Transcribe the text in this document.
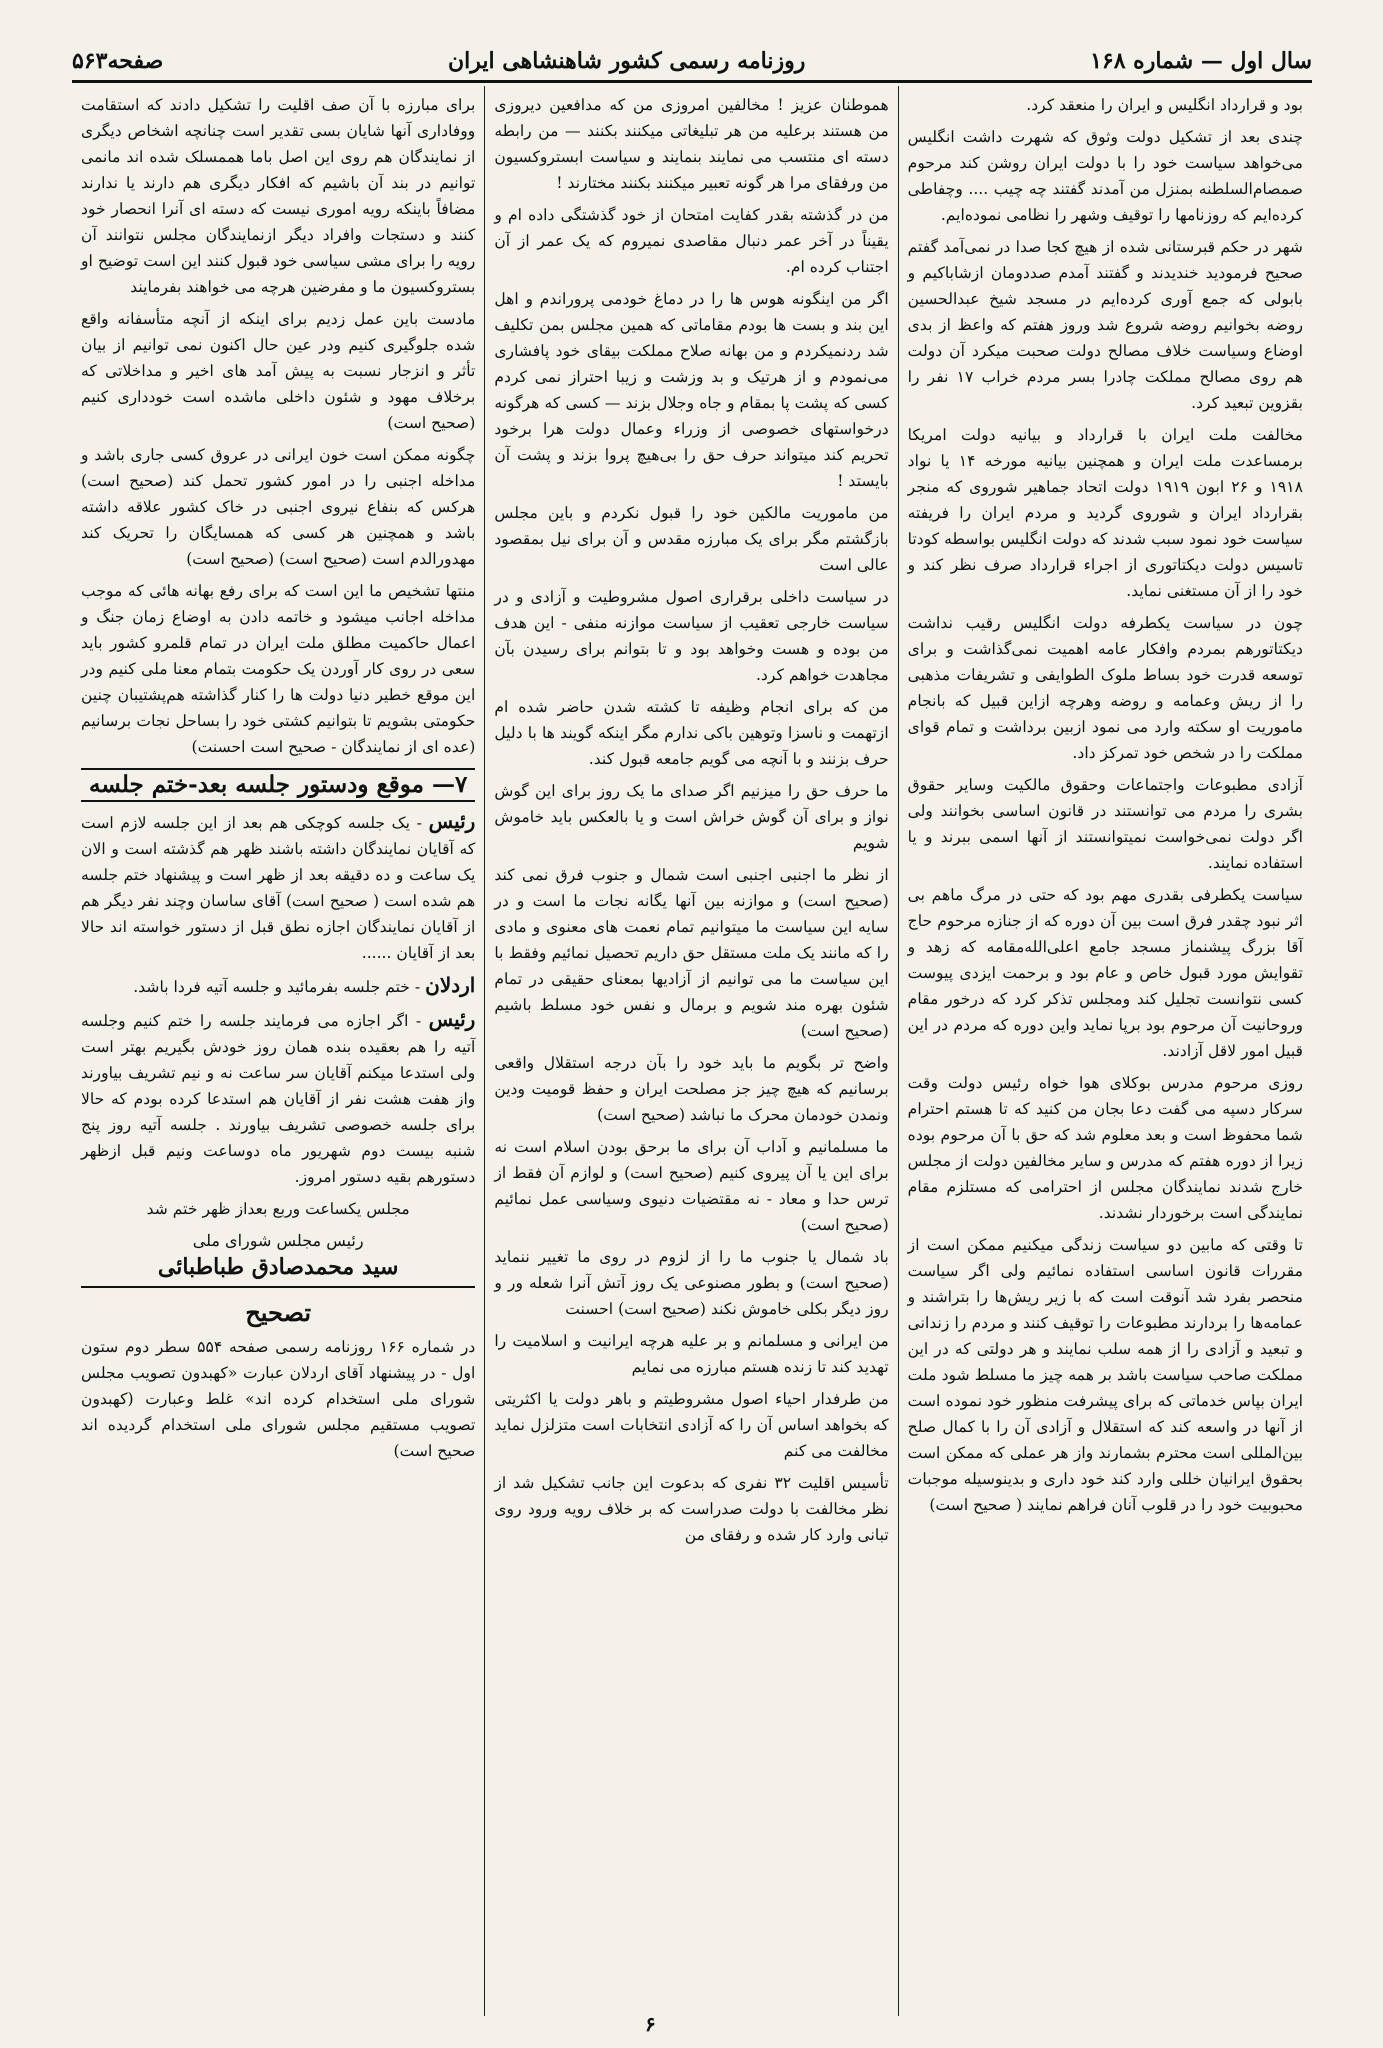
سال اول — شماره ۱۶۸
روزنامه رسمی کشور شاهنشاهی ایران
صفحه۵۶۳

بود و قرارداد انگلیس و ایران را منعقد کرد.

چندی بعد از تشکیل دولت وثوق که شهرت داشت انگلیس می‌خواهد سیاست خود را با دولت ایران روشن کند مرحوم صمصام‌السلطنه بمنزل من آمدند گفتند چه چیب .... وچفاطی کرده‌ایم که روزنامها را توقیف وشهر را نظامی نموده‌ایم.

شهر در حکم قبرستانی شده از هیچ کجا صدا در نمی‌آمد گفتم صحیح فرمودید خندیدند و گفتند آمدم صددومان ازشاباکیم و بابولی که جمع آوری کرده‌ایم در مسجد شیخ عبدالحسین روضه بخوانیم روضه شروع شد وروز هفتم که واعظ از بدی اوضاع وسیاست خلاف مصالح دولت صحبت میکرد آن دولت هم روی مصالح مملکت چادرا بسر مردم خراب ۱۷ نفر را بقزوین تبعید کرد.

مخالفت ملت ایران با قرارداد و بیانیه دولت امریکا برمساعدت ملت ایران و همچنین بیانیه مورخه ۱۴ یا نواد ۱۹۱۸ و ۲۶ ابون ۱۹۱۹ دولت اتحاد جماهیر شوروی که منجر بقرارداد ایران و شوروی گردید و مردم ایران را فریفته سیاست خود نمود سبب شدند که دولت انگلیس بواسطه کودتا تاسیس دولت دیکتاتوری از اجراء قرارداد صرف نظر کند و خود را از آن مستغنی نماید.

چون در سیاست یکطرفه دولت انگلیس رقیب نداشت دیکتاتورهم بمردم وافکار عامه اهمیت نمی‌گذاشت و برای توسعه قدرت خود بساط ملوک الطوایفی و تشریفات مذهبی را از ریش وعمامه و روضه وهرچه ازاین قبیل که بانجام ماموریت او سکته وارد می نمود ازبین برداشت و تمام قوای مملکت را در شخص خود تمرکز داد.

آزادی مطبوعات واجتماعات وحقوق مالکیت وسایر حقوق بشری را مردم می توانستند در قانون اساسی بخوانند ولی اگر دولت نمی‌خواست نمیتوانستند از آنها اسمی ببرند و یا استفاده نمایند.

سیاست یکطرفی بقدری مهم بود که حتی در مرگ ماهم بی اثر نبود چقدر فرق است بین آن دوره که از جنازه مرحوم حاج آقا بزرگ پیشنماز مسجد جامع اعلی‌الله‌مقامه که زهد و تقوایش مورد قبول خاص و عام بود و برحمت ایزدی پیوست کسی نتوانست تجلیل کند ومجلس تذکر کرد که درخور مقام وروحانیت آن مرحوم بود برپا نماید واین دوره که مردم در این قبیل امور لاقل آزادند.

روزی مرحوم مدرس بوکلای هوا خواه رئیس دولت وقت سرکار دسپه می گفت دعا بجان من کنید که تا هستم احترام شما محفوظ است و بعد معلوم شد که حق با آن مرحوم بوده زیرا از دوره هفتم که مدرس و سایر مخالفین دولت از مجلس خارج شدند نمایندگان مجلس از احترامی که مستلزم مقام نمایندگی است برخوردار نشدند.

تا وقتی که مابین دو سیاست زندگی میکنیم ممکن است از مقررات قانون اساسی استفاده نمائیم ولی اگر سیاست منحصر بفرد شد آنوقت است که با زیر ریش‌ها را بتراشند و عمامه‌ها را بردارند مطبوعات را توقیف کنند و مردم را زندانی و تبعید و آزادی را از همه سلب نمایند و هر دولتی که در این مملکت صاحب سیاست باشد بر همه چیز ما مسلط شود ملت ایران بپاس خدماتی که برای پیشرفت منظور خود نموده است از آنها در واسعه کند که استقلال و آزادی آن را با کمال صلح بین‌المللی است محترم بشمارند واز هر عملی که ممکن است بحقوق ایرانیان خللی وارد کند خود داری و بدینوسیله موجبات محبوبیت خود را در قلوب آنان فراهم نمایند ( صحیح است)

هموطنان عزیز ! مخالفین امروزی من که مدافعین دیروزی من هستند برعلیه من هر تبلیغاتی میکنند بکنند — من رابطه دسته ای منتسب می نمایند بنمایند و سیاست ابستروکسیون من ورفقای مرا هر گونه تعبیر میکنند بکنند مختارند !

من در گذشته بقدر کفایت امتحان از خود گذشتگی داده ام و یقیناً در آخر عمر دنبال مقاصدی نمیروم که یک عمر از آن اجتناب کرده ام.

اگر من اینگونه هوس ها را در دماغ خودمی پروراندم و اهل این بند و بست ها بودم مقاماتی که همین مجلس بمن تکلیف شد ردنمیکردم و من بهانه صلاح مملکت بیقای خود پافشاری می‌نمودم و از هرتیک و بد وزشت و زیبا احتراز نمی کردم کسی که پشت پا بمقام و جاه وجلال بزند — کسی که هرگونه درخواستهای خصوصی از وزراء وعمال دولت هرا برخود تحریم کند میتواند حرف حق را بی‌هیچ پروا بزند و پشت آن بایستد !

من ماموریت مالکین خود را قبول نکردم و باین مجلس بازگشتم مگر برای یک مبارزه مقدس و آن برای نیل بمقصود عالی است

در سیاست داخلی برقراری اصول مشروطیت و آزادی و در سیاست خارجی تعقیب از سیاست موازنه منفی - این هدف من بوده و هست وخواهد بود و تا بتوانم برای رسیدن بآن مجاهدت خواهم کرد.

من که برای انجام وظیفه تا کشته شدن حاضر شده ام ازتهمت و ناسزا وتوهین باکی ندارم مگر اینکه گویند ها با دلیل حرف بزنند و با آنچه می گویم جامعه قبول کند.

ما حرف حق را میزنیم اگر صدای ما یک روز برای این گوش نواز و برای آن گوش خراش است و یا بالعکس باید خاموش شویم

از نظر ما اجنبی اجنبی است شمال و جنوب فرق نمی کند (صحیح است) و موازنه بین آنها یگانه نجات ما است و در سایه این سیاست ما میتوانیم تمام نعمت های معنوی و مادی را که مانند یک ملت مستقل حق داریم تحصیل نمائیم وفقط با این سیاست ما می توانیم از آزادیها بمعنای حقیقی در تمام شئون بهره مند شویم و برمال و نفس خود مسلط باشیم (صحیح است)

واضح تر بگویم ما باید خود را بآن درجه استقلال واقعی برسانیم که هیچ چیز جز مصلحت ایران و حفظ قومیت ودین ونمدن خودمان محرک ما نباشد (صحیح است)

ما مسلمانیم و آداب آن برای ما برحق بودن اسلام است نه برای این یا آن پیروی کنیم (صحیح است) و لوازم آن فقط از ترس حدا و معاد - نه مقتضیات دنیوی وسیاسی عمل نمائیم (صحیح است)

باد شمال یا جنوب ما را از لزوم در روی ما تغییر ننماید (صحیح است) و بطور مصنوعی یک روز آتش آنرا شعله ور و روز دیگر بکلی خاموش نکند (صحیح است) احسنت

من ایرانی و مسلمانم و بر علیه هرچه ایرانیت و اسلامیت را تهدید کند تا زنده هستم مبارزه می نمایم

من طرفدار احیاء اصول مشروطیتم و باهر دولت یا اکثریتی که بخواهد اساس آن را که آزادی انتخابات است متزلزل نماید مخالفت می کنم

تأسیس اقلیت ۳۲ نفری که بدعوت این جانب تشکیل شد از نظر مخالفت با دولت صدراست که بر خلاف رویه ورود روی تبانی وارد کار شده و رفقای من

برای مبارزه با آن صف اقلیت را تشکیل دادند که استقامت ووفاداری آنها شایان بسی تقدیر است چنانچه اشخاص دیگری از نمایندگان هم روی این اصل باما هممسلک شده اند مانمی توانیم در بند آن باشیم که افکار دیگری هم دارند یا ندارند مضافاً باینکه رویه اموری نیست که دسته ای آنرا انحصار خود کنند و دستجات وافراد دیگر ازنمایندگان مجلس نتوانند آن رویه را برای مشی سیاسی خود قبول کنند این است توضیح او بستروکسیون ما و مفرضین هرچه می خواهند بفرمایند

مادست باین عمل زدیم برای اینکه از آنچه متأسفانه واقع شده جلوگیری کنیم ودر عین حال اکنون نمی توانیم از بیان تأثر و انزجار نسبت به پیش آمد های اخیر و مداخلاتی که برخلاف مهود و شئون داخلی ماشده است خودداری کنیم (صحیح است)

چگونه ممکن است خون ایرانی در عروق کسی جاری باشد و مداخله اجنبی را در امور کشور تحمل کند (صحیح است) هرکس که بنفاع نیروی اجنبی در خاک کشور علاقه داشته باشد و همچنین هر کسی که همسایگان را تحریک کند مهدورالدم است (صحیح است) (صحیح است)

منتها تشخیص ما این است که برای رفع بهانه هائی که موجب مداخله اجانب میشود و خاتمه دادن به اوضاع زمان جنگ و اعمال حاکمیت مطلق ملت ایران در تمام قلمرو کشور باید سعی در روی کار آوردن یک حکومت بتمام معنا ملی کنیم ودر این موقع خطیر دنیا دولت ها را کنار گذاشته هم‌پشتیبان چنین حکومتی بشویم تا بتوانیم کشتی خود را بساحل نجات برسانیم (عده ای از نمایندگان - صحیح است احسنت)

۷— موقع ودستور جلسه بعد-ختم جلسه

رئیس - یک جلسه کوچکی هم بعد از این جلسه لازم است که آقایان نمایندگان داشته باشند ظهر هم گذشته است و الان یک ساعت و ده دقیقه بعد از ظهر است و پیشنهاد ختم جلسه هم شده است ( صحیح است) آقای ساسان وچند نفر دیگر هم از آقایان نمایندگان اجازه نطق قبل از دستور خواسته اند حالا بعد از آقایان ......

اردلان - ختم جلسه بفرمائید و جلسه آتیه فردا باشد.

رئیس - اگر اجازه می فرمایند جلسه را ختم کنیم وجلسه آتیه را هم بعقیده بنده همان روز خودش بگیریم بهتر است ولی استدعا میکنم آقایان سر ساعت نه و نیم تشریف بیاورند واز هفت هشت نفر از آقایان هم استدعا کرده بودم که حالا برای جلسه خصوصی تشریف بیاورند . جلسه آتیه روز پنج شنبه بیست دوم شهریور ماه دوساعت ونیم قبل ازظهر دستورهم بقیه دستور امروز.

مجلس یکساعت وربع بعداز ظهر ختم شد

رئیس مجلس شورای ملی
سید محمدصادق طباطبائی
تصحیح

در شماره ۱۶۶ روزنامه رسمی صفحه ۵۵۴ سطر دوم ستون اول - در پیشنهاد آقای اردلان عبارت «کهبدون تصویب مجلس شورای ملی استخدام کرده اند» غلط وعبارت (کهبدون تصویب مستقیم مجلس شورای ملی استخدام گردیده اند صحیح است)

۶
